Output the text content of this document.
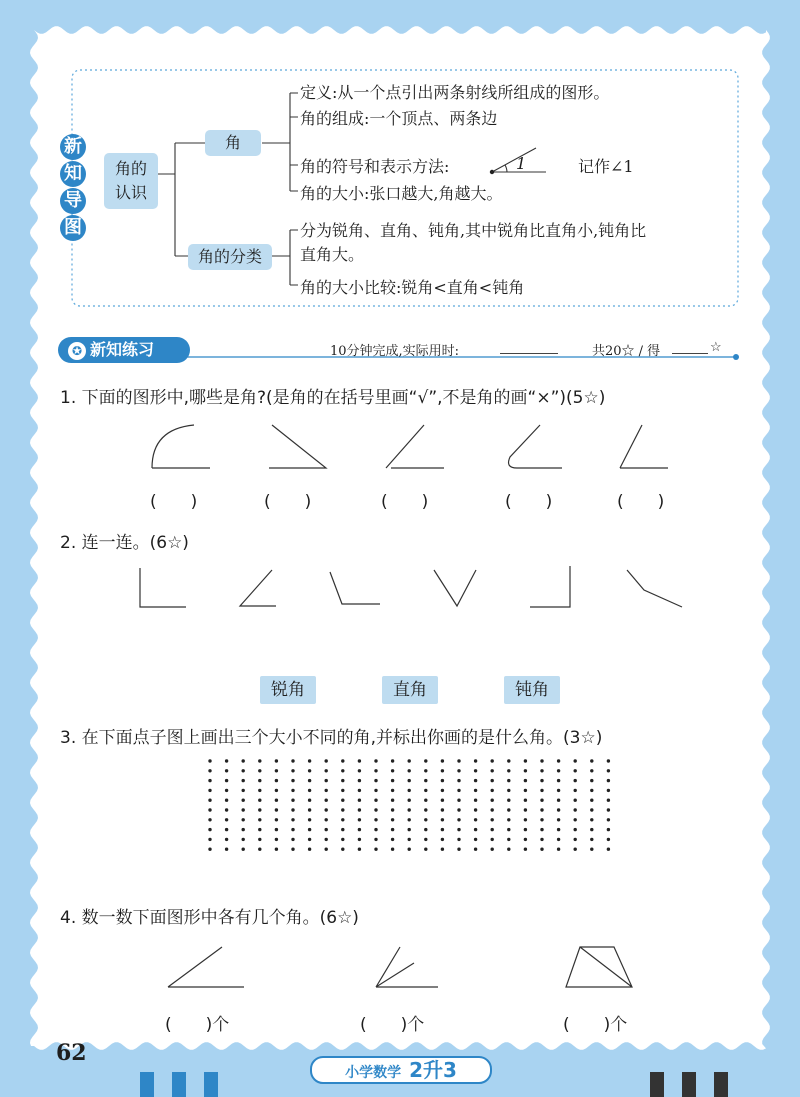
新
知
导
图
角的
认识
角
角的分类
定义:从一个点引出两条射线所组成的图形。
角的组成:一个顶点、两条边
角的符号和表示方法:	1	记作∠1
角的大小:张口越大,角越大。
分为锐角、直角、钝角,其中锐角比直角小,钝角比
直角大。
角的大小比较:锐角<直角<钝角
✪ 新知练习	10分钟完成,实际用时:	共20☆ / 得	☆
1. 下面的图形中,哪些是角?(是角的在括号里画“√”,不是角的画“×”)(5☆)
(　　)	(　　)	(　　)	(　　)	(　　)
2. 连一连。(6☆)
锐角	直角	钝角
3. 在下面点子图上画出三个大小不同的角,并标出你画的是什么角。(3☆)
4. 数一数下面图形中各有几个角。(6☆)
(　　)个	(　　)个	(　　)个
62
小学数学 2升3
